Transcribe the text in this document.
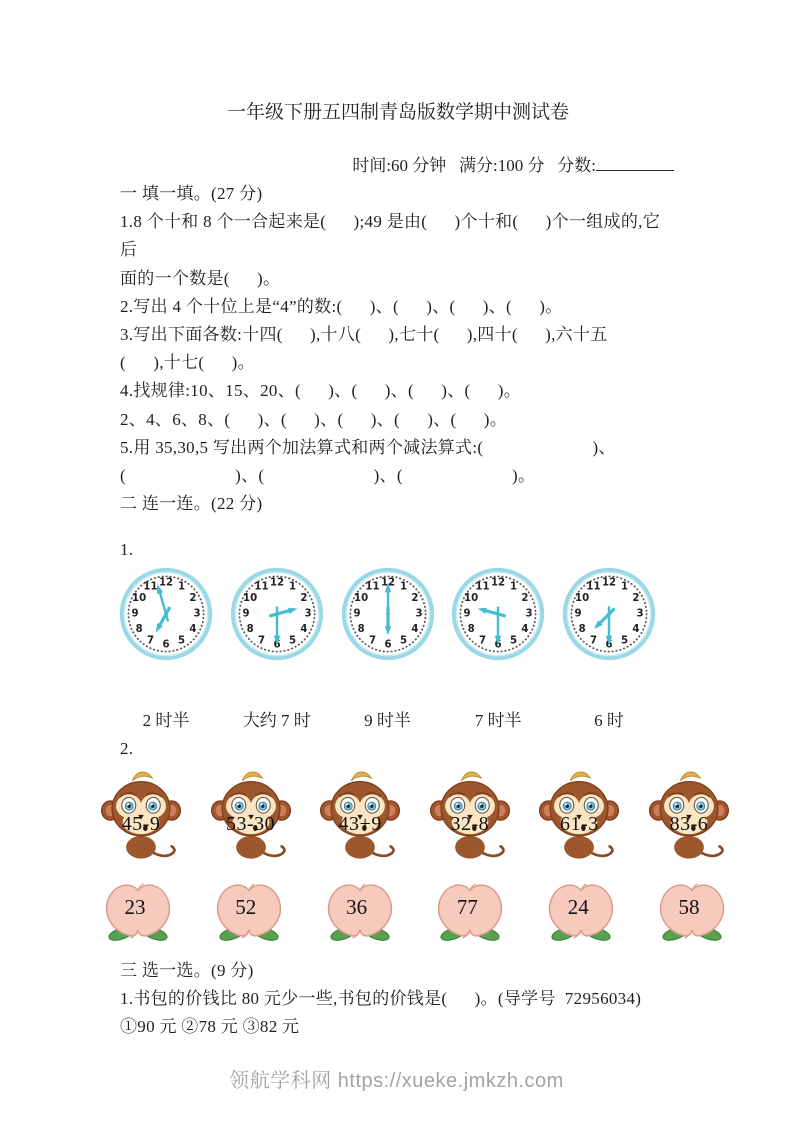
一年级下册五四制青岛版数学期中测试卷
时间:60 分钟   满分:100 分   分数:
一 填一填。(27 分)
1.8 个十和 8 个一合起来是(      );49 是由(      )个十和(      )个一组成的,它后
面的一个数是(      )。
2.写出 4 个十位上是“4”的数:(      )、(      )、(      )、(      )。
3.写出下面各数:十四(      ),十八(      ),七十(      ),四十(      ),六十五
(      ),十七(      )。
4.找规律:10、15、20、(      )、(      )、(      )、(      )。
2、4、6、8、(      )、(      )、(      )、(      )、(      )。
5.用 35,30,5 写出两个加法算式和两个减法算式:(                        )、
(                        )、(                        )、(                        )。
二 连一连。(22 分)
1.
2 时半	大约 7 时	9 时半	7 时半	6 时
2.
45-9	53-30	43+9	32-8	61-3	83-6
23	52	36	77	24	58
三 选一选。(9 分)
1.书包的价钱比 80 元少一些,书包的价钱是(      )。(导学号  72956034)
①90 元 ②78 元 ③82 元
领航学科网 https://xueke.jmkzh.com
